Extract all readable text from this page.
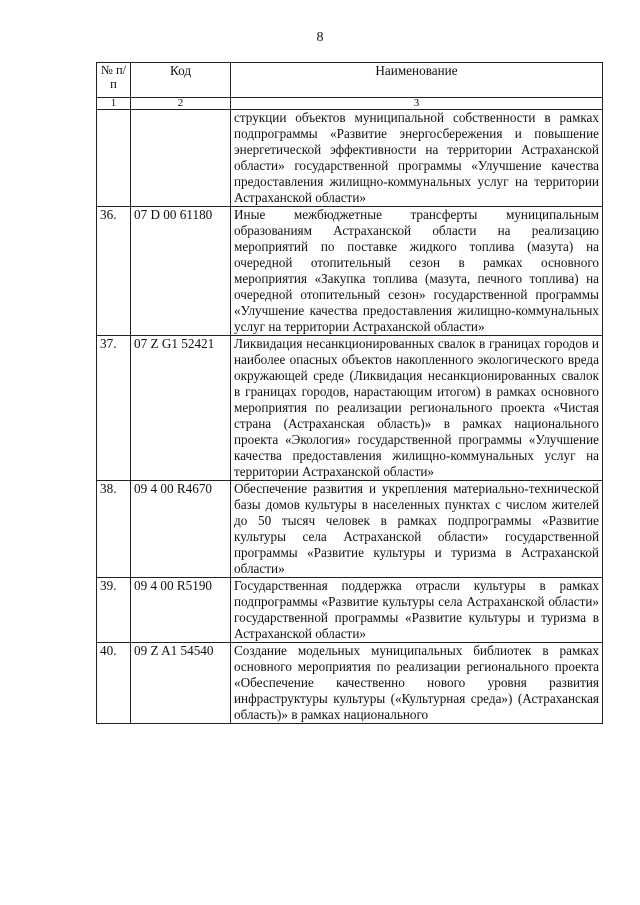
8
№ п/п	Код	Наименование
1	2	3
		струкции объектов муниципальной собственности в рамках подпрограммы «Развитие энергосбережения и повышение энергетической эффективности на территории Астраханской области» государственной программы «Улучшение качества предоставления жилищно-коммунальных услуг на территории Астраханской области»
36.	07 D 00 61180	Иные межбюджетные трансферты муниципальным образованиям Астраханской области на реализацию мероприятий по поставке жидкого топлива (мазута) на очередной отопительный сезон в рамках основного мероприятия «Закупка топлива (мазута, печного топлива) на очередной отопительный сезон» государственной программы «Улучшение качества предоставления жилищно-коммунальных услуг на территории Астраханской области»
37.	07 Z G1 52421	Ликвидация несанкционированных свалок в границах городов и наиболее опасных объектов накопленного экологического вреда окружающей среде (Ликвидация несанкционированных свалок в границах городов, нарастающим итогом) в рамках основного мероприятия по реализации регионального проекта «Чистая страна (Астраханская область)» в рамках национального проекта «Экология» государственной программы «Улучшение качества предоставления жилищно-коммунальных услуг на территории Астраханской области»
38.	09 4 00 R4670	Обеспечение развития и укрепления материально-технической базы домов культуры в населенных пунктах с числом жителей до 50 тысяч человек в рамках подпрограммы «Развитие культуры села Астраханской области» государственной программы «Развитие культуры и туризма в Астраханской области»
39.	09 4 00 R5190	Государственная поддержка отрасли культуры в рамках подпрограммы «Развитие культуры села Астраханской области» государственной программы «Развитие культуры и туризма в Астраханской области»
40.	09 Z A1 54540	Создание модельных муниципальных библиотек в рамках основного мероприятия по реализации регионального проекта «Обеспечение качественно нового уровня развития инфраструктуры культуры («Культурная среда») (Астраханская область)» в рамках национального
